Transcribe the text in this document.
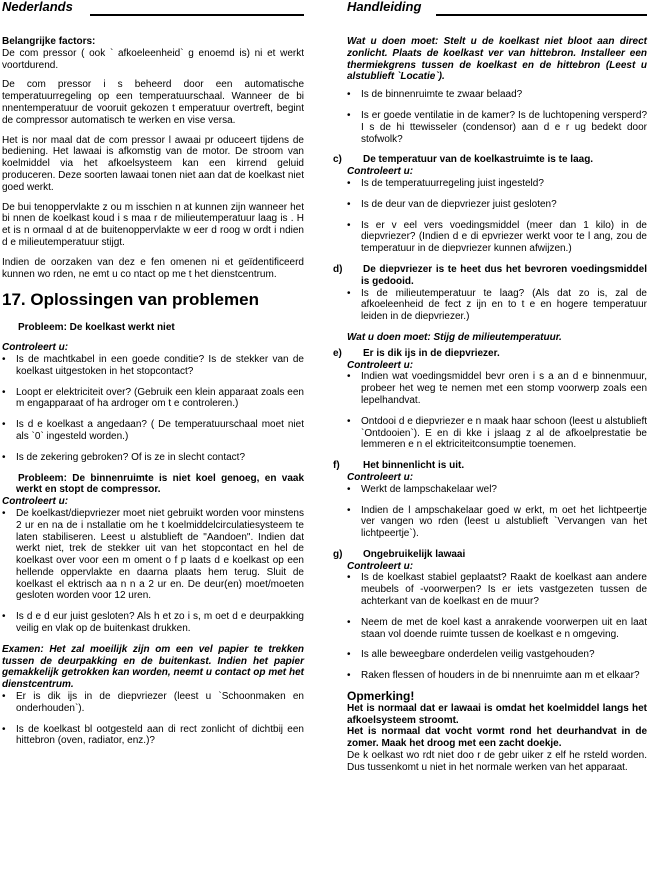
Nederlands	Handleiding

Belangrijke factors:

De com pressor ( ook ` afkoeleenheid` g enoemd is) ni et werkt voortdurend.

De com pressor i s beheerd door een automatische temperatuurregeling op een temperatuurschaal. Wanneer de bi nnentemperatuur de vooruit gekozen t emperatuur overtreft, begint de compressor automatisch te werken en vise versa.

Het is nor maal dat de com pressor l awaai pr oduceert tijdens de bediening. Het lawaai is afkomstig van de motor. De stroom van koelmiddel via het afkoelsysteem kan een kirrend geluid produceren. Deze soorten lawaai tonen niet aan dat de koelkast niet goed werkt.

De bui tenoppervlakte z ou m isschien n at kunnen zijn wanneer het bi nnen de koelkast koud i s maa r de milieutemperatuur laag is . H et is n ormaal d at de buitenoppervlakte w eer d roog w ordt i ndien d e milieutemperatuur stijgt.

Indien de oorzaken van dez e fen omenen ni et geïdentificeerd kunnen wo rden, ne emt u co ntact op me t het dienstcentrum.

17. Oplossingen van problemen

Probleem: De koelkast werkt niet

Controleert u:

• Is de machtkabel in een goede conditie? Is de stekker van de koelkast uitgestoken in het stopcontact?
• Loopt er elektriciteit over? (Gebruik een klein apparaat zoals een m engapparaat of ha ardroger om t e controleren.)
• Is d e koelkast a angedaan? ( De temperatuurschaal moet niet als `0` ingesteld worden.)
• Is de zekering gebroken? Of is ze in slecht contact?

Probleem: De binnenruimte is niet koel genoeg, en vaak werkt en stopt de compressor.

Controleert u:

• De koelkast/diepvriezer moet niet gebruikt worden voor minstens 2 ur en na de i nstallatie om he t koelmiddelcirculatiesysteem te laten stabiliseren. Leest u alstublieft de "Aandoen". Indien dat werkt niet, trek de stekker uit van het stopcontact en hel de koelkast over voor een m oment o f p laats d e koelkast op een hellende oppervlakte en daarna plaats hem terug. Sluit de koelkast el ektrisch aa n n a 2 ur en. De deur(en) moet/moeten gesloten worden voor 12 uren.
• Is d e d eur juist gesloten? Als h et zo i s, m oet d e deurpakking veilig en vlak op de buitenkast drukken.

Examen: Het zal moeilijk zijn om een vel papier te trekken tussen de deurpakking en de buitenkast. Indien het papier gemakkelijk getrokken kan worden, neemt u contact op met het dienstcentrum.

• Er is dik ijs in de diepvriezer (leest u `Schoonmaken en onderhouden`).
• Is de koelkast bl ootgesteld aan di rect zonlicht of dichtbij een hittebron (oven, radiator, enz.)?

Wat u doen moet: Stelt u de koelkast niet bloot aan direct zonlicht. Plaats de koelkast ver van hittebron. Installeer een thermiekgrens tussen de koelkast en de hittebron (Leest u alstublieft `Locatie`).

• Is de binnenruimte te zwaar belaad?
• Is er goede ventilatie in de kamer? Is de luchtopening versperd? I s de hi ttewisseler (condensor) aan d e r ug bedekt door stofwolk?

c) De temperatuur van de koelkastruimte is te laag.

Controleert u:

• Is de temperatuurregeling juist ingesteld?
• Is de deur van de diepvriezer juist gesloten?
• Is er v eel vers voedingsmiddel (meer dan 1 kilo) in de diepvriezer? (Indien d e di epvriezer werkt voor te l ang, zou de temperatuur in de diepvriezer kunnen afwijzen.)

d) De diepvriezer is te heet dus het bevroren voedingsmiddel is gedooid.

• Is de milieutemperatuur te laag? (Als dat zo is, zal de afkoeleenheid de fect z ijn en to t e en hogere temperatuur leiden in de diepvriezer.)

Wat u doen moet: Stijg de milieutemperatuur.

e) Er is dik ijs in de diepvriezer.

Controleert u:

• Indien wat voedingsmiddel bevr oren i s a an d e binnenmuur, probeer het weg te nemen met een stomp voorwerp zoals een lepelhandvat.
• Ontdooi d e diepvriezer e n maak haar schoon (leest u alstublieft `Ontdooien`). E en di kke i jslaag z al de afkoelprestatie be lemmeren e n el ektriciteitconsumptie toenemen.

f) Het binnenlicht is uit.

Controleert u:

• Werkt de lampschakelaar wel?
• Indien de l ampschakelaar goed w erkt, m oet het lichtpeertje ver vangen wo rden (leest u alstublieft `Vervangen van het lichtpeertje`).

g) Ongebruikelijk lawaai

Controleert u:

• Is de koelkast stabiel geplaatst? Raakt de koelkast aan andere meubels of -voorwerpen? Is er iets vastgezeten tussen de achterkant van de koelkast en de muur?
• Neem de met de koel kast a anrakende voorwerpen uit en laat staan vol doende ruimte tussen de koelkast e n omgeving.
• Is alle beweegbare onderdelen veilig vastgehouden?
• Raken flessen of houders in de bi nnenruimte aan m et elkaar?

Opmerking!

Het is normaal dat er lawaai is omdat het koelmiddel langs het afkoelsysteem stroomt.

Het is normaal dat vocht vormt rond het deurhandvat in de zomer. Maak het droog met een zacht doekje.

De k oelkast wo rdt niet doo r de gebr uiker z elf he rsteld worden. Dus tussenkomt u niet in het normale werken van het apparaat.
